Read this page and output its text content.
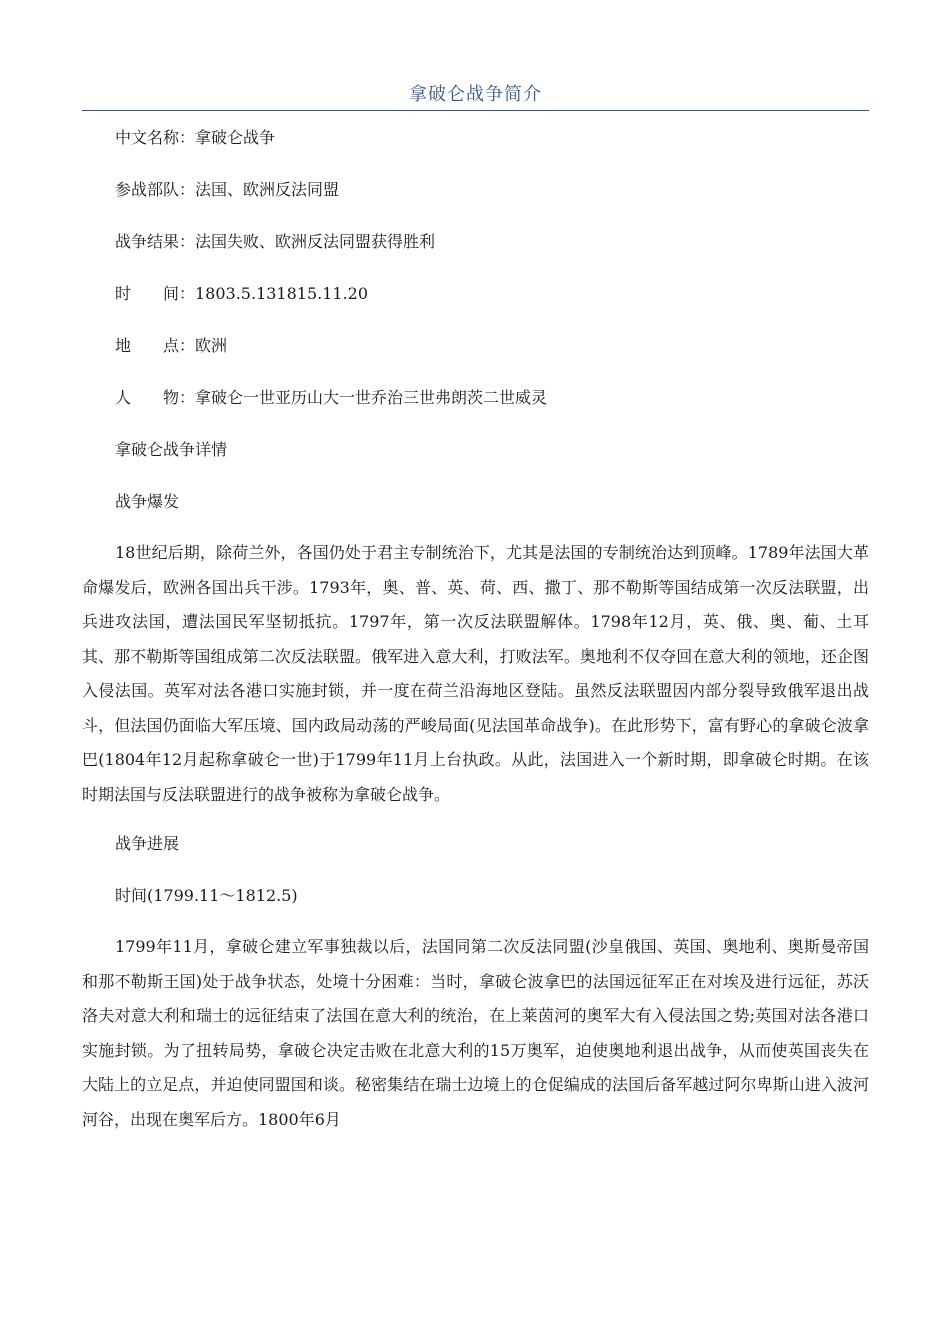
拿破仑战争简介
中文名称：拿破仑战争
参战部队：法国、欧洲反法同盟
战争结果：法国失败、欧洲反法同盟获得胜利
时　　间：1803.5.131815.11.20
地　　点：欧洲
人　　物：拿破仑一世亚历山大一世乔治三世弗朗茨二世威灵
拿破仑战争详情
战争爆发

18世纪后期，除荷兰外，各国仍处于君主专制统治下，尤其是法国的专制统治达到顶峰。1789年法国大革命爆发后，欧洲各国出兵干涉。1793年，奥、普、英、荷、西、撒丁、那不勒斯等国结成第一次反法联盟，出兵进攻法国，遭法国民军坚韧抵抗。1797年，第一次反法联盟解体。1798年12月，英、俄、奥、葡、土耳其、那不勒斯等国组成第二次反法联盟。俄军进入意大利，打败法军。奥地利不仅夺回在意大利的领地，还企图入侵法国。英军对法各港口实施封锁，并一度在荷兰沿海地区登陆。虽然反法联盟因内部分裂导致俄军退出战斗，但法国仍面临大军压境、国内政局动荡的严峻局面(见法国革命战争)。在此形势下，富有野心的拿破仑波拿巴(1804年12月起称拿破仑一世)于1799年11月上台执政。从此，法国进入一个新时期，即拿破仑时期。在该时期法国与反法联盟进行的战争被称为拿破仑战争。

战争进展
时间(1799.11～1812.5)

1799年11月，拿破仑建立军事独裁以后，法国同第二次反法同盟(沙皇俄国、英国、奥地利、奥斯曼帝国和那不勒斯王国)处于战争状态，处境十分困难：当时，拿破仑波拿巴的法国远征军正在对埃及进行远征，苏沃洛夫对意大利和瑞士的远征结束了法国在意大利的统治，在上莱茵河的奥军大有入侵法国之势;英国对法各港口实施封锁。为了扭转局势，拿破仑决定击败在北意大利的15万奥军，迫使奥地利退出战争，从而使英国丧失在大陆上的立足点，并迫使同盟国和谈。秘密集结在瑞士边境上的仓促编成的法国后备军越过阿尔卑斯山进入波河河谷，出现在奥军后方。1800年6月
